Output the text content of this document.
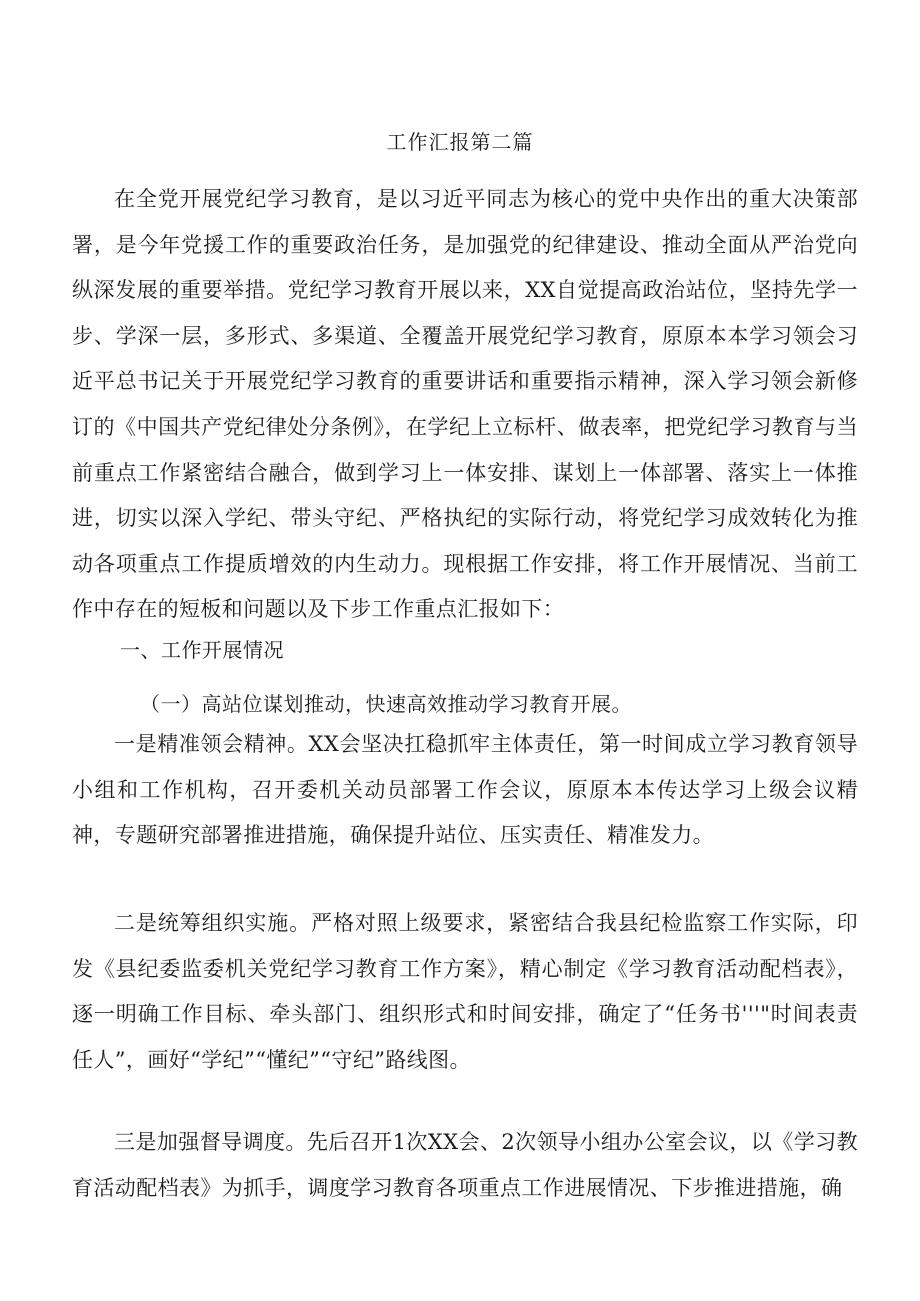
工作汇报第二篇

在全党开展党纪学习教育，是以习近平同志为核心的党中央作出的重大决策部署，是今年党援工作的重要政治任务，是加强党的纪律建设、推动全面从严治党向纵深发展的重要举措。党纪学习教育开展以来，XX自觉提高政治站位，坚持先学一步、学深一层，多形式、多渠道、全覆盖开展党纪学习教育，原原本本学习领会习近平总书记关于开展党纪学习教育的重要讲话和重要指示精神，深入学习领会新修订的《中国共产党纪律处分条例》，在学纪上立标杆、做表率，把党纪学习教育与当前重点工作紧密结合融合，做到学习上一体安排、谋划上一体部署、落实上一体推进，切实以深入学纪、带头守纪、严格执纪的实际行动，将党纪学习成效转化为推动各项重点工作提质增效的内生动力。现根据工作安排，将工作开展情况、当前工作中存在的短板和问题以及下步工作重点汇报如下：

一、工作开展情况
（一）高站位谋划推动，快速高效推动学习教育开展。

一是精准领会精神。XX会坚决扛稳抓牢主体责任，第一时间成立学习教育领导小组和工作机构，召开委机关动员部署工作会议，原原本本传达学习上级会议精神，专题研究部署推进措施，确保提升站位、压实责任、精准发力。

二是统筹组织实施。严格对照上级要求，紧密结合我县纪检监察工作实际，印发《县纪委监委机关党纪学习教育工作方案》，精心制定《学习教育活动配档表》，逐一明确工作目标、牵头部门、组织形式和时间安排，确定了“任务书'''"时间表责任人”，画好“学纪”“懂纪”“守纪”路线图。

三是加强督导调度。先后召开1次XX会、2次领导小组办公室会议，以《学习教育活动配档表》为抓手，调度学习教育各项重点工作进展情况、下步推进措施，确
